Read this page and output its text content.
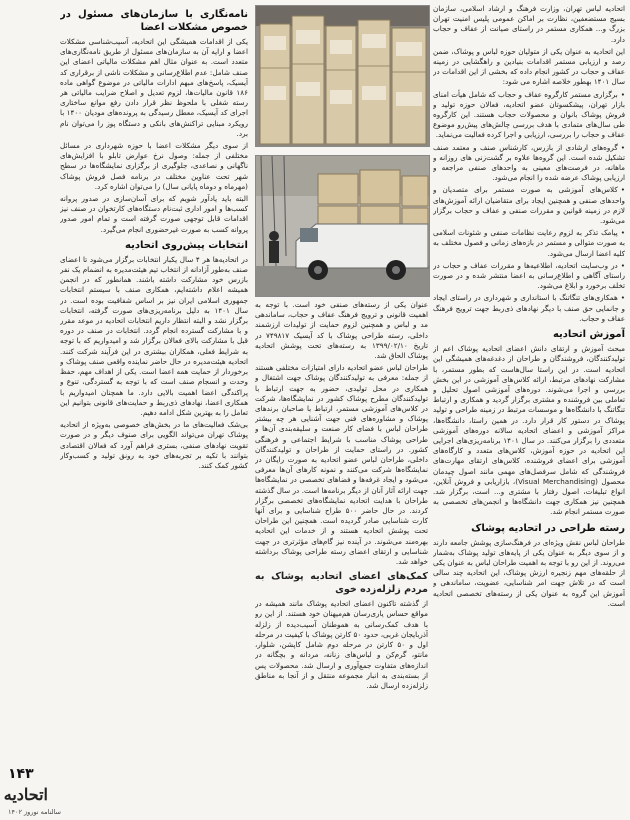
اتحادیه لباس تهران، وزارت فرهنگ و ارشاد اسلامی، سازمان بسیج مستضعفین، نظارت بر اماکن عمومی پلیس امنیت تهران بزرگ و... همکاری مستمر در راستای صیانت از عفاف و حجاب دارد.

این اتحادیه به عنوان یکی از متولیان حوزه لباس و پوشاک، ضمن رصد و ارزیابی مستمر اقدامات بنیادین و راهگشایی در زمینه عفاف و حجاب در کشور انجام داده که بخشی از این اقدامات در سال ۱۴۰۱ بهطور خلاصه اشاره می شود:

• برگزاری مستمر کارگروه عفاف و حجاب که شامل هیأت امنای بازار تهران، پیشکسوتان عضو اتحادیه، فعالان حوزه تولید و فروش پوشاک بانوان و محصولات حجاب هستند. این کارگروه طی سال‌های متمادی با هدف بررسی چالش‌های پیش‌رو موضوع عفاف و حجاب را بررسی، ارزیابی و اجرا کرده فعالیت می‌نماید.

• گروه‌های ارشادی از بازرس، کارشناس صنف و معتمد صنف تشکیل شده است. این گروه‌ها علاوه بر گشت‌زنی های روزانه و ماهانه، در فرصت‌های معینی به واحدهای صنفی مراجعه و ارزیابی پوشاک عرضه شده را انجام می‌شود.

• کلاس‌های آموزشی به صورت مستمر برای متصدیان و واحدهای صنفی و همچنین ایجاد برای متقاضیان ارائه آموزش‌های لازم در زمینه قوانین و مقررات صنفی و عفاف و حجاب برگزار می‌شود.

• پیامک تذکر به لزوم رعایت نظامات صنفی و شئونات اسلامی به صورت متوالی و مستمر در بازه‌های زمانی و فصول مختلف به کلیه اعضا ارسال می‌شود.

• در وب‌سایت اتحادیه، اطلاعیه‌ها و مقررات عفاف و حجاب در راستای آگاهی و اطلاع‌رسانی به اعضا منتشر شده و در صورت تخلف برخورد و ابلاغ می‌شود.

• همکاری‌های تنگاتنگ با استانداری و شهرداری در راستای ایجاد و جانمایی حق صنف با دیگر نهادهای ذی‌ربط جهت ترویج فرهنگ عفاف و حجاب.

آموزش اتحادیه

مبحث آموزش و ارتقای دانش اعضای اتحادیه پوشاک اعم از تولیدکنندگان، فروشندگان و طراحان از دغدغه‌های همیشگی این اتحادیه است. در این راستا سال‌هاست که بطور مستمر، با مشارکت نهادهای مرتبط، ارائه کلاس‌های آموزشی در این بخش بررسی و اجرا می‌شوند. دوره‌های آموزشی اصول تحلیل و تعاملی بین فروشنده و مشتری برگزار گردید و همکاری و ارتباط تنگاتنگ با دانشگاه‌ها و موسسات مرتبط در زمینه طراحی و تولید پوشاک در دستور کار قرار دارد. در همین راستا، دانشگاه‌ها، مراکز آموزشی و اعضای اتحادیه سالانه دوره‌های آموزشی متعددی را برگزار می‌کنند. در سال ۱۴۰۱ برنامه‌ریزی‌های اجرایی این اتحادیه در حوزه آموزش، کلاس‌های متعدد و کارگاه‌های آموزشی برای اعضای فروشنده، کلاس‌های ارتقای مهارت‌های فروشندگی که شامل سرفصل‌های مهمی مانند اصول چیدمان محصول (Visual Merchandising)، بازاریابی و فروش آنلاین، انواع تبلیغات، اصول رفتار با مشتری و... است، برگزار شد. همچنین نیز همکاری جهت دانشگاه‌ها و انجمن‌های تخصصی به صورت مستمر انجام شد.

رسته طراحی در اتحادیه پوشاک

طراحان لباس نقش ویژه‌ای در فرهنگ‌سازی پوشش جامعه دارند و از سوی دیگر به عنوان یکی از پایه‌های تولید پوشاک به‌شمار می‌روند. از این رو با توجه به اهمیت طراحان لباس به عنوان یکی از حلقه‌های مهم زنجیره ارزش پوشاک، این اتحادیه چند سالی است که در تلاش جهت امر شناسایی، عضویت، ساماندهی و آموزش این گروه به عنوان یکی از رسته‌های تخصصی اتحادیه است.

عنوان یکی از رسته‌های صنفی خود است. با توجه به اهمیت قانونی و ترویج فرهنگ عفاف و حجاب، ساماندهی مد و لباس و همچنین لزوم حمایت از تولیدات ارزشمند داخلی، رسته طراحی پوشاک با کد آیسیک ۷۴۹۸۱۷ در تاریخ ۱۳۹۹/۰۲/۱۰ به رسته‌های تحت پوشش اتحادیه پوشاک الحاق شد.

طراحان لباس عضو اتحادیه دارای امتیازات مختلفی هستند از جمله: معرفی به تولیدکنندگان پوشاک جهت اشتغال و همکاری در محل تولیدی، حضور به جهت ارتباط با تولیدکنندگان مطرح پوشاک کشور در نمایشگاه‌ها، شرکت در کلاس‌های آموزشی مستمر، ارتباط با صاحبان برندهای پوشاک و مشاوره‌های فنی جهت آشنایی هر چه بیشتر طراحان لباس با فضای کار صنعت و سلیقه‌بندی آن‌ها و طراحی پوشاک مناسب با شرایط اجتماعی و فرهنگی کشور. در راستای حمایت از طراحان و تولیدکنندگان داخلی، طراحان لباس عضو اتحادیه به صورت رایگان در نمایشگاه‌ها شرکت می‌کنند و نمونه کارهای آن‌ها معرفی می‌شود و ایجاد غرفه‌ها و فضاهای تخصصی در نمایشگاه‌ها جهت ارائه آثار آنان از دیگر برنامه‌ها است. در سال گذشته طراحان با هدایت اتحادیه نمایشگاه‌های تخصصی برگزار کردند. در حال حاضر ۵۰۰ طراح شناسایی و برای آنها کارت شناسایی صادر گردیده است. همچنین این طراحان تحت پوشش اتحادیه هستند و از خدمات این اتحادیه بهره‌مند می‌شوند. در آینده نیز گام‌های مؤثرتری در جهت شناسایی و ارتقای اعضای رسته طراحی پوشاک برداشته خواهد شد.

کمک‌های اعضای اتحادیه پوشاک به مردم زلزله‌زده خوی

از گذشته تاکنون اعضای اتحادیه پوشاک مانند همیشه در مواقع حساس یاری‌رسان هم‌میهنان خود هستند. از این رو با هدف کمک‌رسانی به هموطنان آسیب‌دیده از زلزله آذربایجان غربی، حدود ۵۰ کارتن پوشاک با کیفیت در مرحله اول و ۵۰ کارتن در مرحله دوم شامل کاپشن، شلوار، مانتو، گرم‌کن و لباس‌های زنانه، مردانه و بچگانه در اندازه‌های متفاوت جمع‌آوری و ارسال شد. محصولات پس از بسته‌بندی به انبار مجموعه منتقل و از آنجا به مناطق زلزله‌زده ارسال شد.

نامه‌نگاری با سازمان‌های مسئول در خصوص مشکلات اعضا

یکی از اقدامات همیشگی این اتحادیه، آسیب‌شناسی مشکلات اعضا و ارایه آن به سازمان‌های مسئول از طریق نامه‌نگاری‌های متعدد است. به عنوان مثال اهم مشکلات مالیاتی اعضای این صنف شامل: عدم اطلاع‌رسانی و مشکلات ناشی از برقراری کد آیسیک، پاسخ‌های مبهم ادارات مالیاتی در موضوع گواهی ماده ۱۸۶ قانون مالیات‌ها، لزوم تعدیل و اصلاح ضرایب مالیاتی هر رسته شغلی با ملحوظ نظر قرار دادن رفع موانع ساختاری اجرای کد آیسیک، معطل رسیدگی به پرونده‌های مودیان ۱۴۰۰ با رویکرد مبنایی تراکنش‌های بانکی و دستگاه پوز را می‌توان نام برد.

از سوی دیگر مشکلات اعضا با حوزه شهرداری در مسائل مختلفی از جمله: وصول نرخ عوارض تابلو با افزایش‌های ناگهانی و نصاعدی، جلوگیری از برگزاری نمایشگاه‌ها در سطح شهر تحت عناوین مختلف در برنامه فصل فروش پوشاک (مهرماه و دوماه پایانی سال) را می‌توان اشاره کرد.

البته باید یادآور شویم که برای آسان‌سازی در صدور پروانه کسب‌ها و امور اداری ثبت‌نام دستگاه‌های کارتخوان در صنف نیز اقدامات قابل توجهی صورت گرفته است و تمام امور صدور پروانه کسب به صورت غیرحضوری انجام می‌گیرد.

انتخابات پیش‌روی اتحادیه

در اتحادیه‌ها هر ۴ سال یکبار انتخابات برگزار می‌شود تا اعضای صنف به‌طور آزادانه از انتخاب تیم هیئت‌مدیره به انضمام یک نفر بازرس خود مشارکت داشته باشند. همانطور که در انجمن همیشه اعلام داشته‌ایم، همکاری صنف با سیستم انتخابات جمهوری اسلامی ایران نیز بر اساس شفافیت بوده است. در سال ۱۴۰۱ به دلیل برنامه‌ریزی‌های صورت گرفته، انتخابات برگزار نشد و البته انتظار داریم انتخابات اتحادیه در موعد مقرر و با مشارکت گسترده انجام گردد. انتخابات در صنف در دوره قبل با مشارکت بالای فعالان برگزار شد و امیدواریم که با توجه به شرایط فعلی، همکاران بیشتری در این فرآیند شرکت کنند. اتحادیه هیئت‌مدیره در حال حاضر نماینده واقعی صنف پوشاک و برخوردار از حمایت همه اعضا است. یکی از اهداف مهم، حفظ وحدت و انسجام صنف است که با توجه به گستردگی، تنوع و پراکندگی اعضا اهمیت بالایی دارد. ما همچنان امیدواریم با همکاری اعضا، نهادهای ذی‌ربط و حمایت‌های قانونی بتوانیم این تعامل را به بهترین شکل ادامه دهیم.

بی‌شک فعالیت‌های ما در بخش‌های خصوصی به‌ویژه از اتحادیه پوشاک تهران می‌تواند الگویی برای صنوف دیگر و در صورت تقویت نهادهای صنفی، بستری فراهم آورد که فعالان اقتصادی بتوانند با تکیه بر تجربه‌های خود به رونق تولید و کسب‌وکار کشور کمک کنند.

۱۴۳
اتحادیه
سالنامه نوروز ۱۴۰۲
